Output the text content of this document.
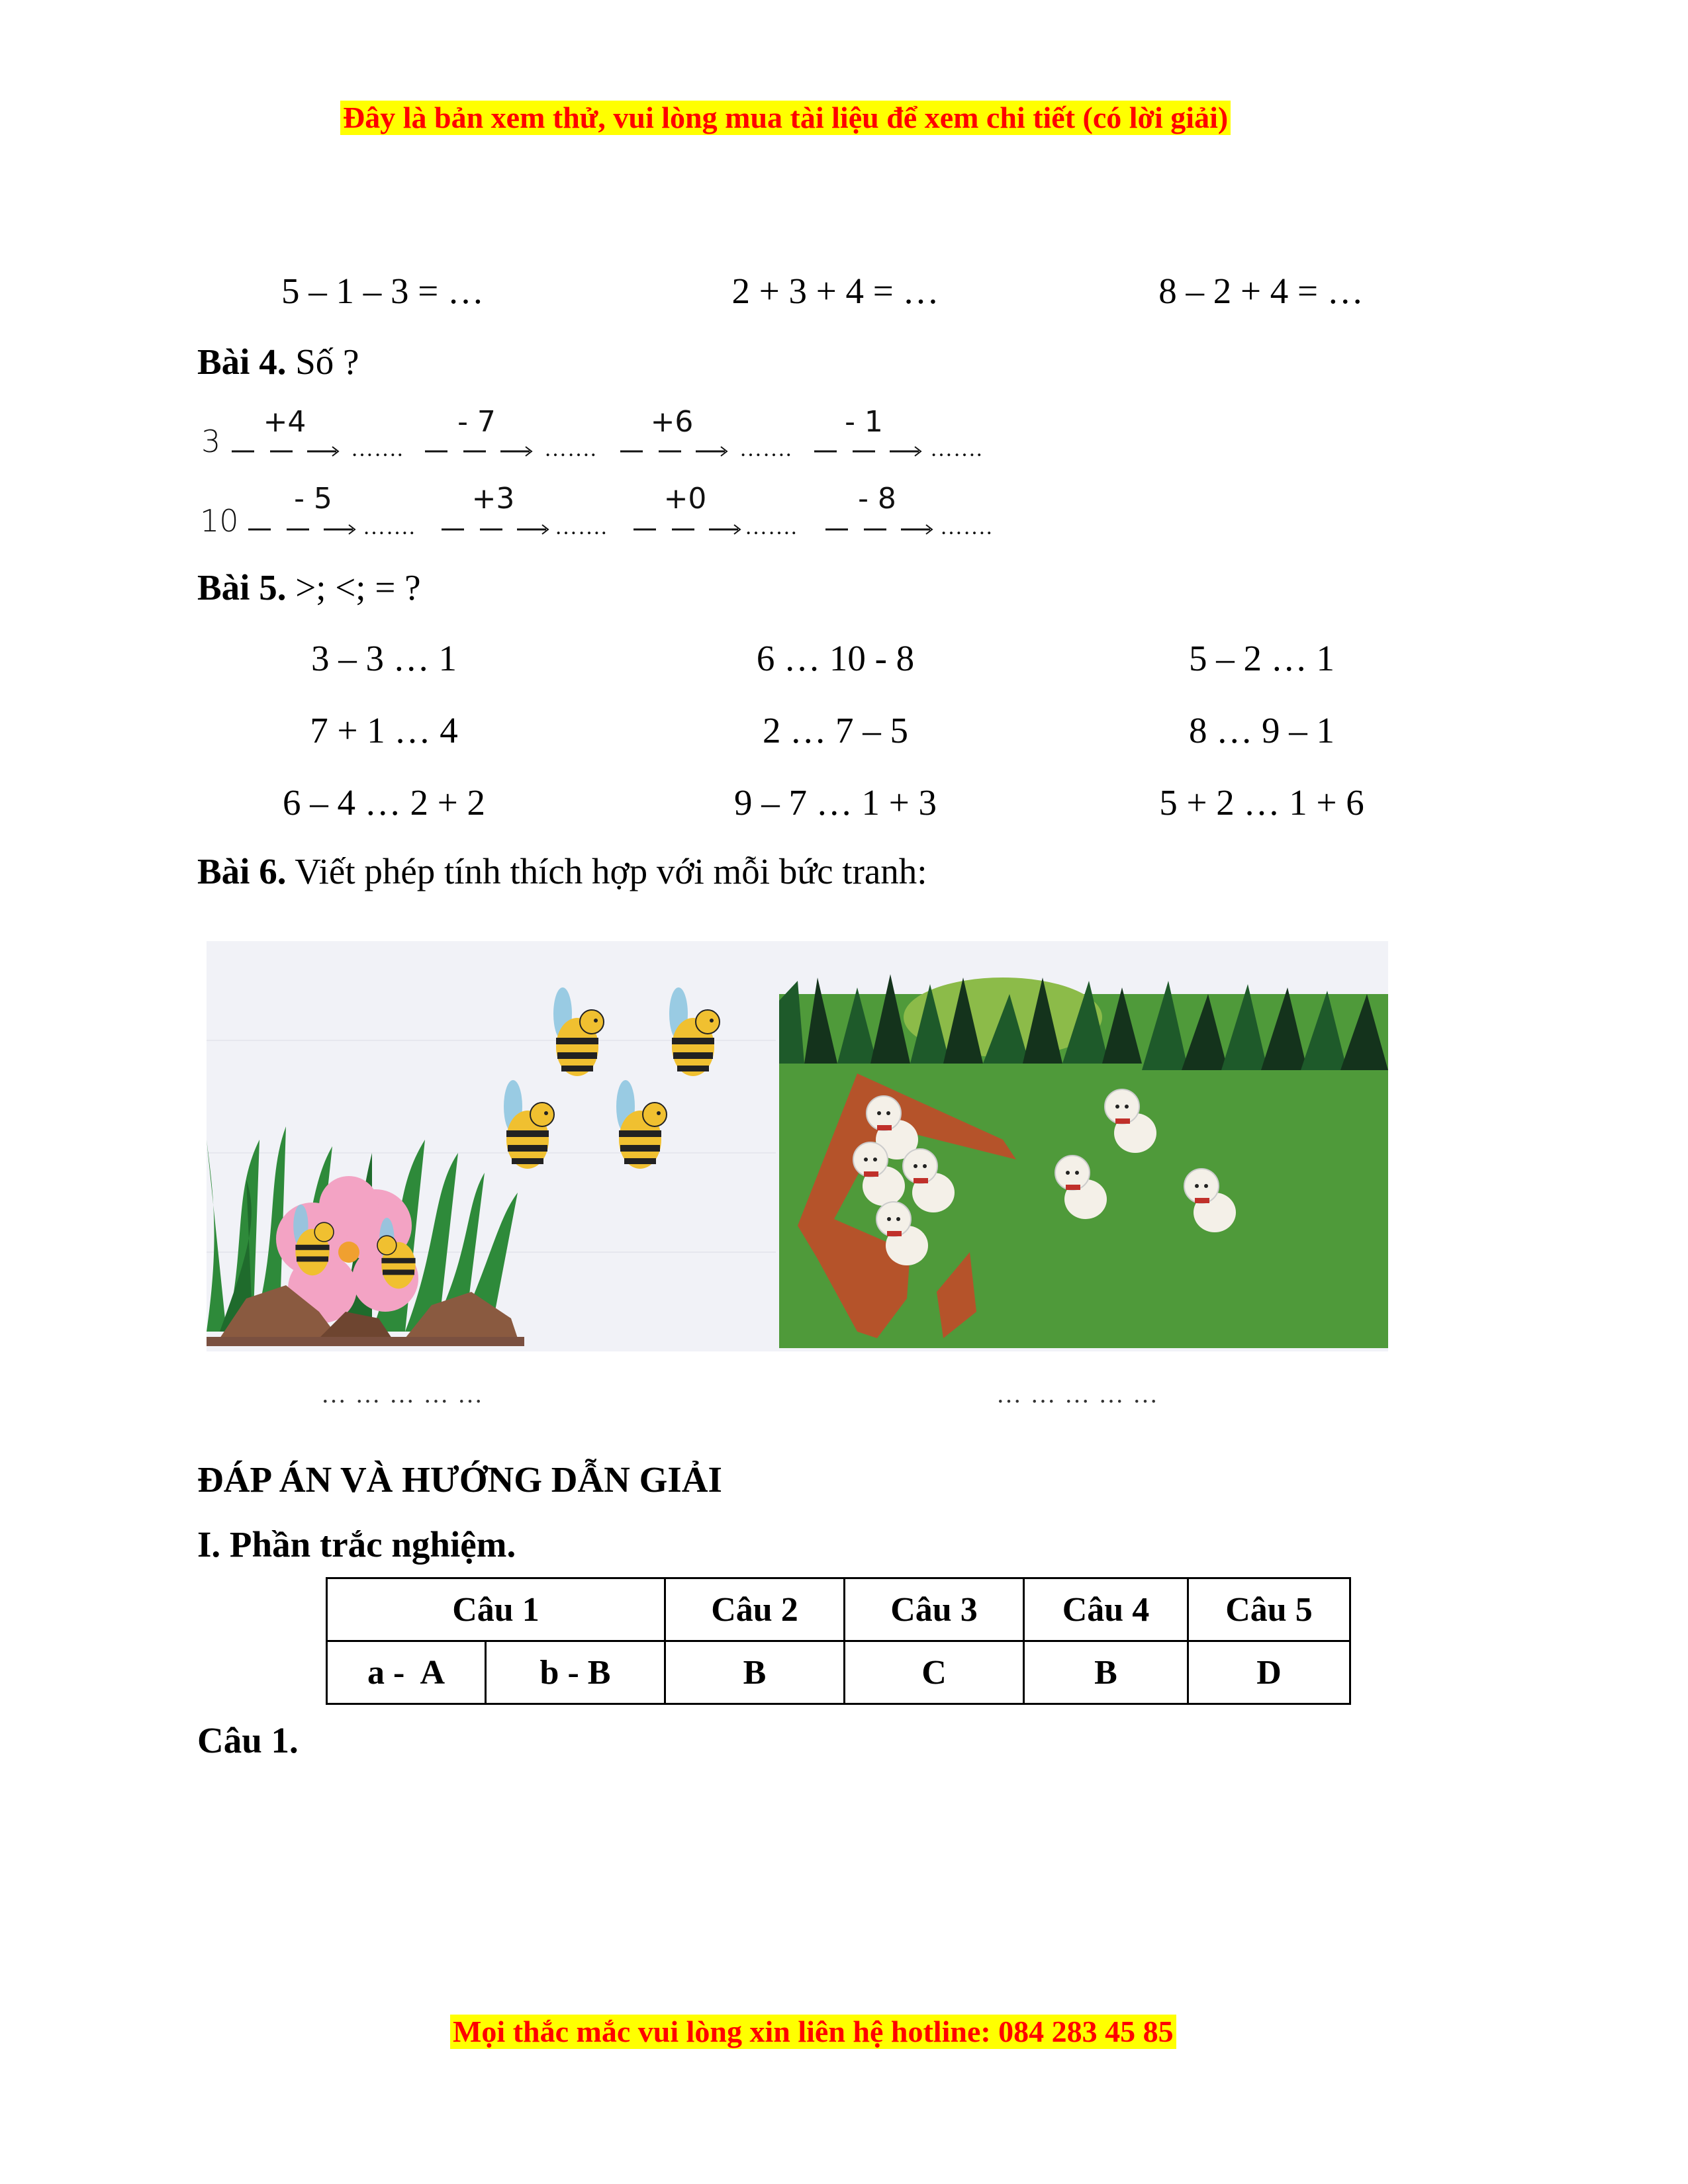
Đây là bản xem thử, vui lòng mua tài liệu để xem chi tiết (có lời giải)
5 – 1 – 3 = …	2 + 3 + 4 = …	8 – 2 + 4 = …
Bài 4. Số ?
3
+4
…….
- 7
…….
+6
…….
- 1
…….
10
- 5
…….
+3
…….
+0
…….
- 8
…….
Bài 5. >; <; = ?
3 – 3 … 1	6 … 10 - 8	5 – 2 … 1
7 + 1 … 4	2 … 7 – 5	8 … 9 – 1
6 – 4 … 2 + 2	9 – 7 … 1 + 3	5 + 2 … 1 + 6
Bài 6. Viết phép tính thích hợp với mỗi bức tranh:
… … … … …	… … … … …
ĐÁP ÁN VÀ HƯỚNG DẪN GIẢI
I. Phần trắc nghiệm.
Câu 1		Câu 2	Câu 3	Câu 4	Câu 5
a -  A	b - B	B	C	B	D
Câu 1.
Mọi thắc mắc vui lòng xin liên hệ hotline: 084 283 45 85
